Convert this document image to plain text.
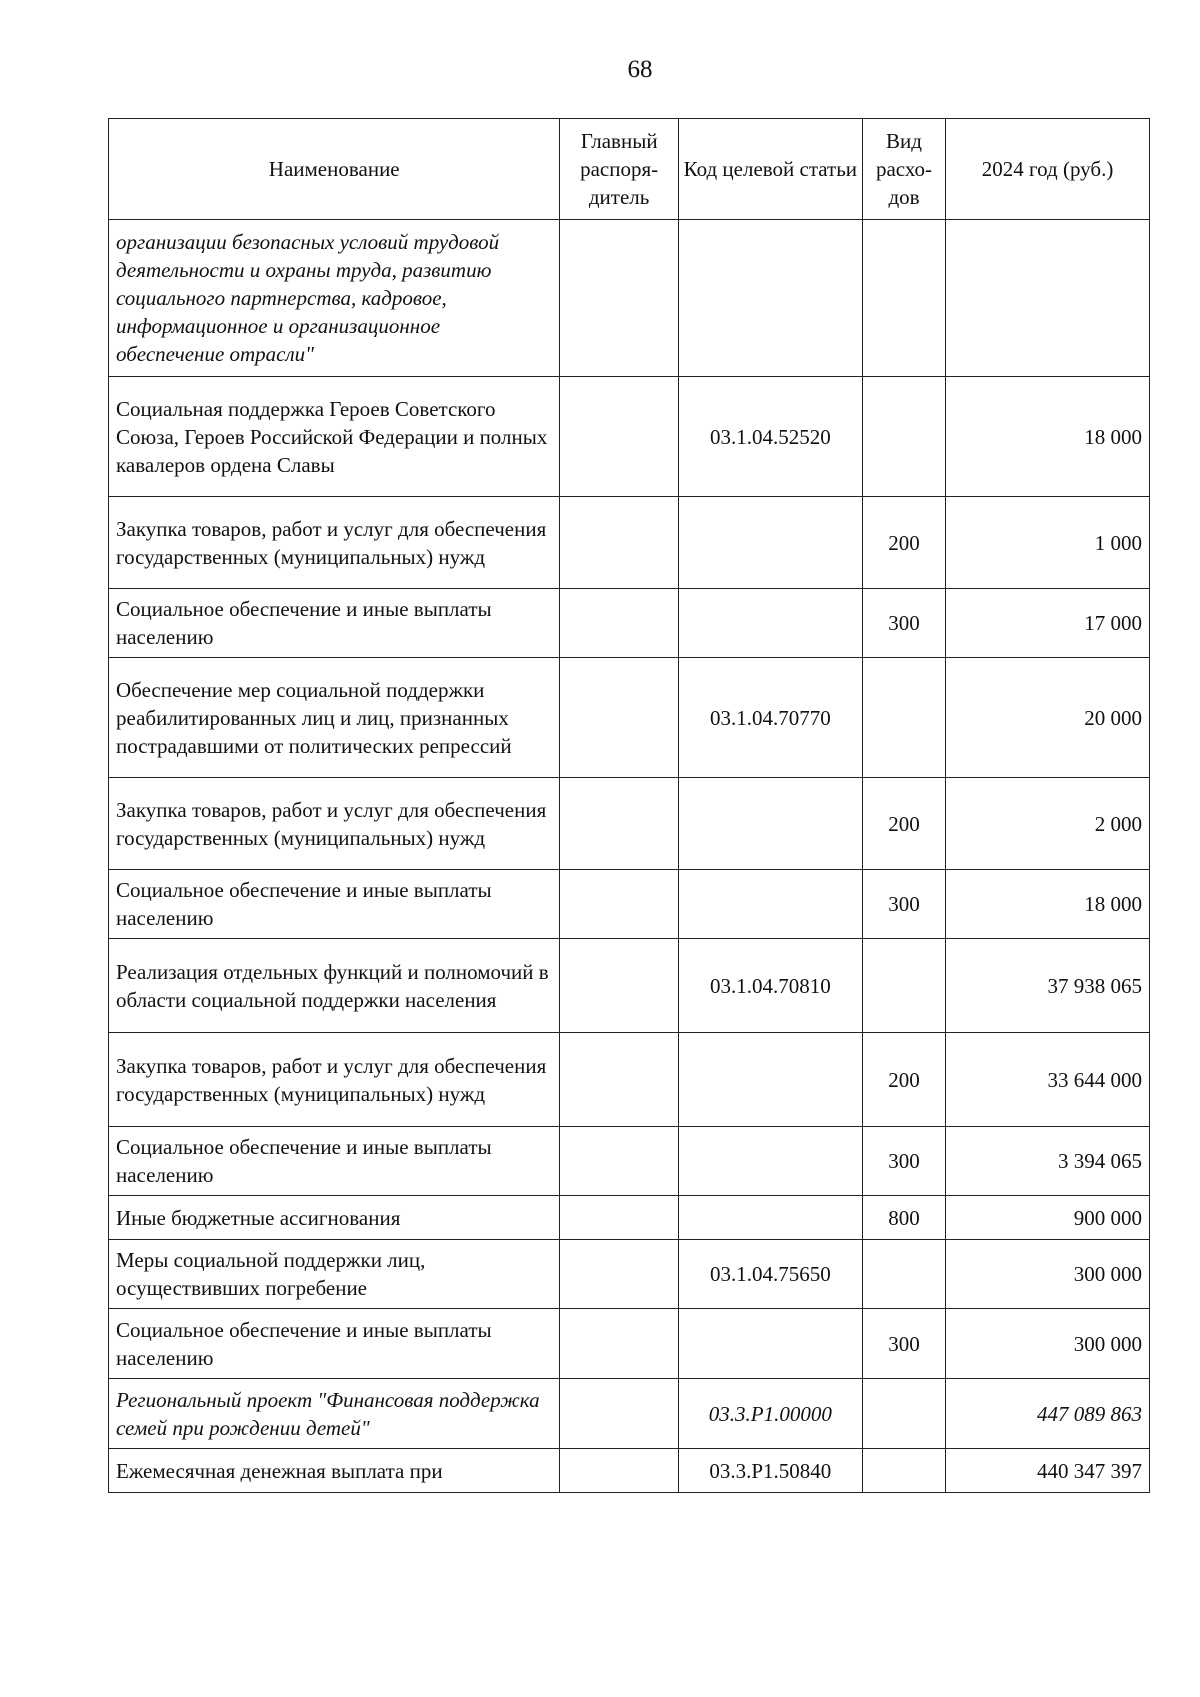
68
Наименование	Главный распоря-дитель	Код целевой статьи	Вид расхо-дов	2024 год (руб.)
организации безопасных условий трудовой деятельности и охраны труда, развитию социального партнерства, кадровое, информационное и организационное обеспечение отрасли"				
Социальная поддержка Героев Советского Союза, Героев Российской Федерации и полных кавалеров ордена Славы		03.1.04.52520		18 000
Закупка товаров, работ и услуг для обеспечения государственных (муниципальных) нужд			200	1 000
Социальное обеспечение и иные выплаты населению			300	17 000
Обеспечение мер социальной поддержки реабилитированных лиц и лиц, признанных пострадавшими от политических репрессий		03.1.04.70770		20 000
Закупка товаров, работ и услуг для обеспечения государственных (муниципальных) нужд			200	2 000
Социальное обеспечение и иные выплаты населению			300	18 000
Реализация отдельных функций и полномочий в области социальной поддержки населения		03.1.04.70810		37 938 065
Закупка товаров, работ и услуг для обеспечения государственных (муниципальных) нужд			200	33 644 000
Социальное обеспечение и иные выплаты населению			300	3 394 065
Иные бюджетные ассигнования			800	900 000
Меры социальной поддержки лиц, осуществивших погребение		03.1.04.75650		300 000
Социальное обеспечение и иные выплаты населению			300	300 000
Региональный проект "Финансовая поддержка семей при рождении детей"		03.3.Р1.00000		447 089 863
Ежемесячная денежная выплата при		03.3.Р1.50840		440 347 397
